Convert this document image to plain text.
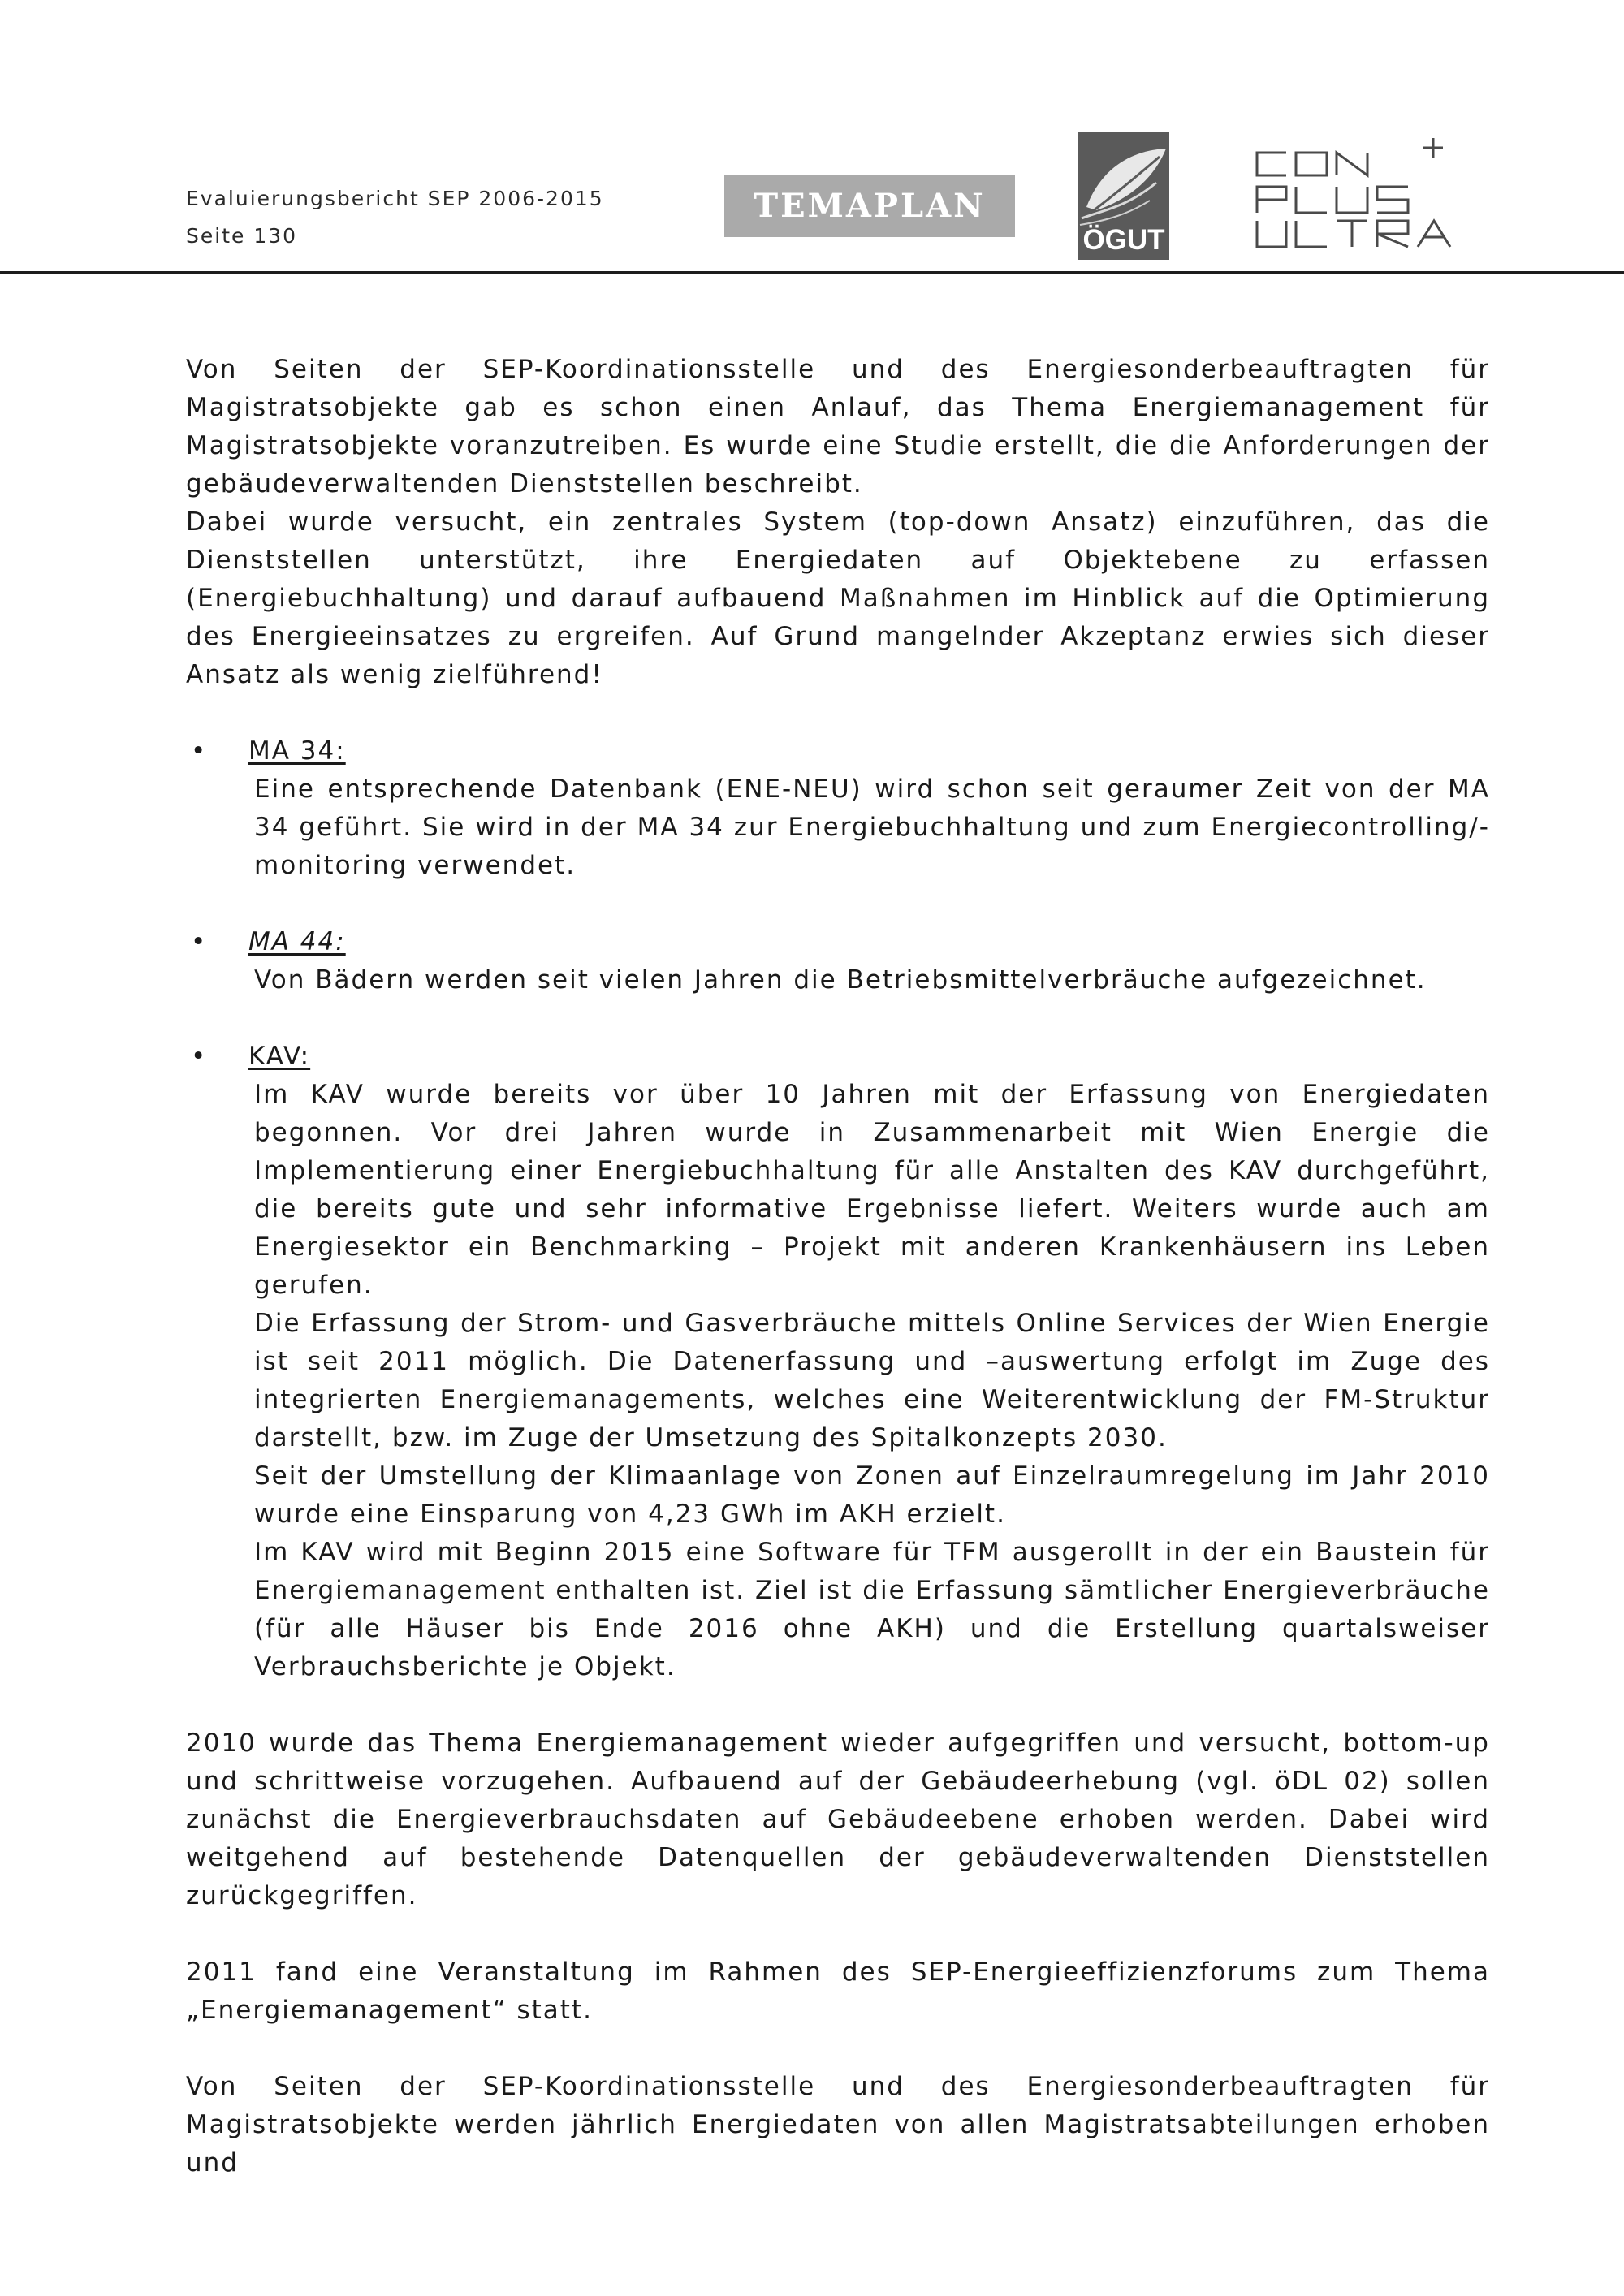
Evaluierungsbericht SEP 2006-2015
Seite 130
TEMAPLAN
ÖGUT

Von Seiten der SEP-Koordinationsstelle und des Energiesonderbeauftragten für Magistratsobjekte gab es schon einen Anlauf, das Thema Energiemanagement für Magistratsobjekte voranzutreiben. Es wurde eine Studie erstellt, die die Anforderungen der gebäudeverwaltenden Dienststellen beschreibt.

Dabei wurde versucht, ein zentrales System (top-down Ansatz) einzuführen, das die Dienststellen unterstützt, ihre Energiedaten auf Objektebene zu erfassen (Energiebuchhaltung) und darauf aufbauend Maßnahmen im Hinblick auf die Optimierung des Energieeinsatzes zu ergreifen. Auf Grund mangelnder Akzeptanz erwies sich dieser Ansatz als wenig zielführend!

•	MA 34:

Eine entsprechende Datenbank (ENE-NEU) wird schon seit geraumer Zeit von der MA 34 geführt. Sie wird in der MA 34 zur Energiebuchhaltung und zum Energiecontrolling/-monitoring verwendet.

•	MA 44:

Von Bädern werden seit vielen Jahren die Betriebsmittelverbräuche aufgezeichnet.

•	KAV:

Im KAV wurde bereits vor über 10 Jahren mit der Erfassung von Energiedaten begonnen. Vor drei Jahren wurde in Zusammenarbeit mit Wien Energie die Implementierung einer Energiebuchhaltung für alle Anstalten des KAV durchgeführt, die bereits gute und sehr informative Ergebnisse liefert. Weiters wurde auch am Energiesektor ein Benchmarking – Projekt mit anderen Krankenhäusern ins Leben gerufen.

Die Erfassung der Strom- und Gasverbräuche mittels Online Services der Wien Energie ist seit 2011 möglich. Die Datenerfassung und –auswertung erfolgt im Zuge des integrierten Energiemanagements, welches eine Weiterentwicklung der FM-Struktur darstellt, bzw. im Zuge der Umsetzung des Spitalkonzepts 2030.

Seit der Umstellung der Klimaanlage von Zonen auf Einzelraumregelung im Jahr 2010 wurde eine Einsparung von 4,23 GWh im AKH erzielt.

Im KAV wird mit Beginn 2015 eine Software für TFM ausgerollt in der ein Baustein für Energiemanagement enthalten ist. Ziel ist die Erfassung sämtlicher Energieverbräuche (für alle Häuser bis Ende 2016 ohne AKH) und die Erstellung quartalsweiser Verbrauchsberichte je Objekt.

2010 wurde das Thema Energiemanagement wieder aufgegriffen und versucht, bottom-up und schrittweise vorzugehen. Aufbauend auf der Gebäudeerhebung (vgl. öDL 02) sollen zunächst die Energieverbrauchsdaten auf Gebäudeebene erhoben werden. Dabei wird weitgehend auf bestehende Datenquellen der gebäudeverwaltenden Dienststellen zurückgegriffen.

2011 fand eine Veranstaltung im Rahmen des SEP-Energieeffizienzforums zum Thema „Energiemanagement“ statt.

Von Seiten der SEP-Koordinationsstelle und des Energiesonderbeauftragten für Magistratsobjekte werden jährlich Energiedaten von allen Magistratsabteilungen erhoben und
